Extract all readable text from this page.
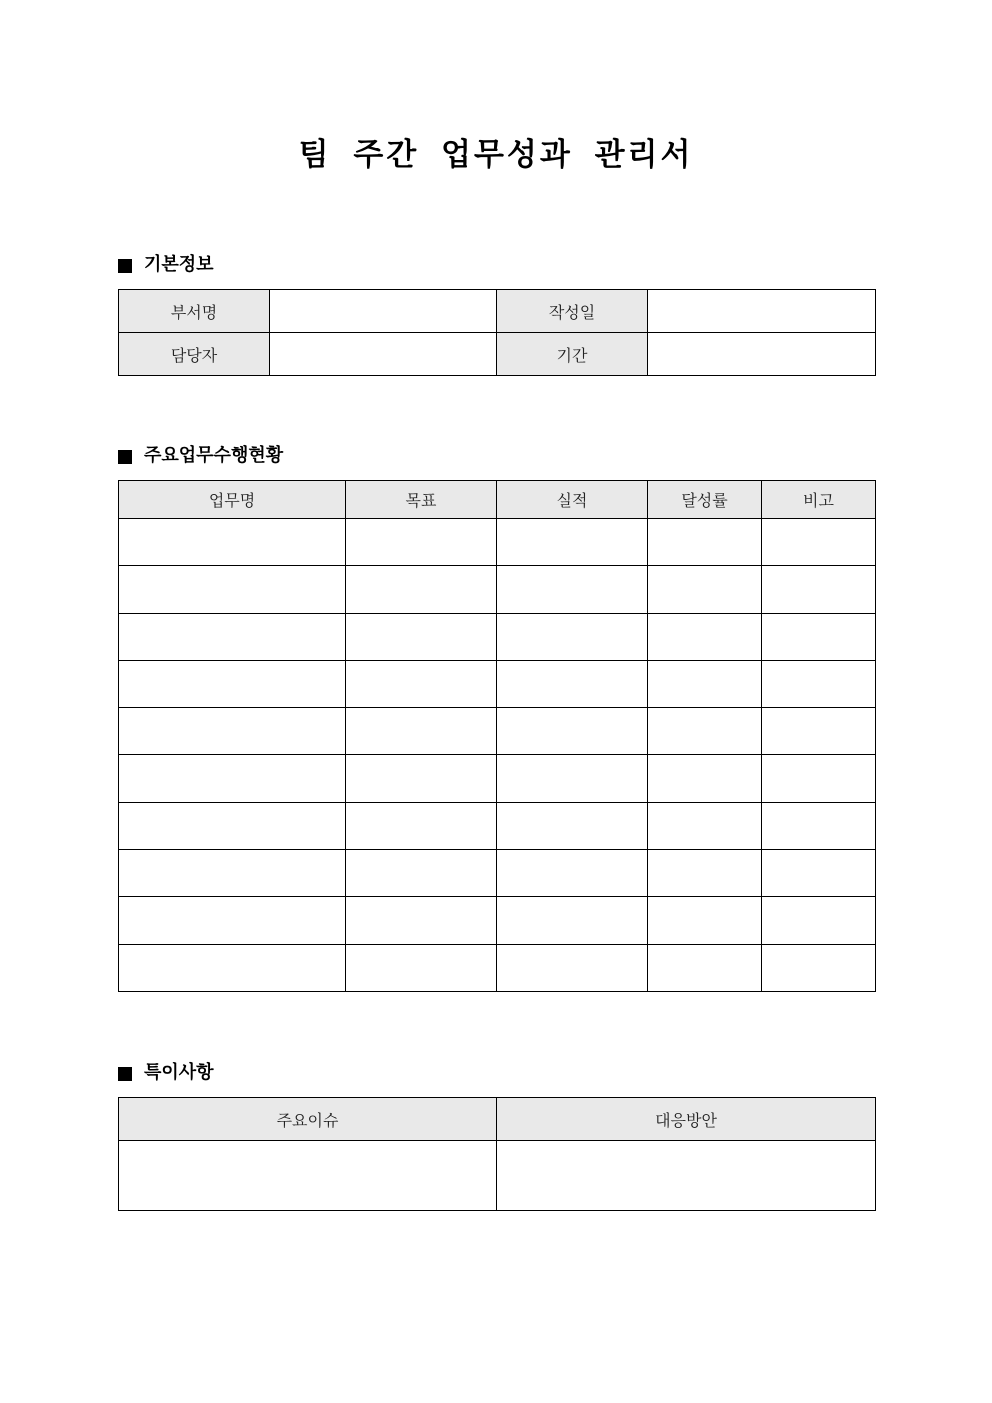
팀 주간 업무성과 관리서
기본정보
부서명		작성일	
담당자		기간	
주요업무수행현황
업무명	목표	실적	달성률	비고

특이사항
주요이슈	대응방안
